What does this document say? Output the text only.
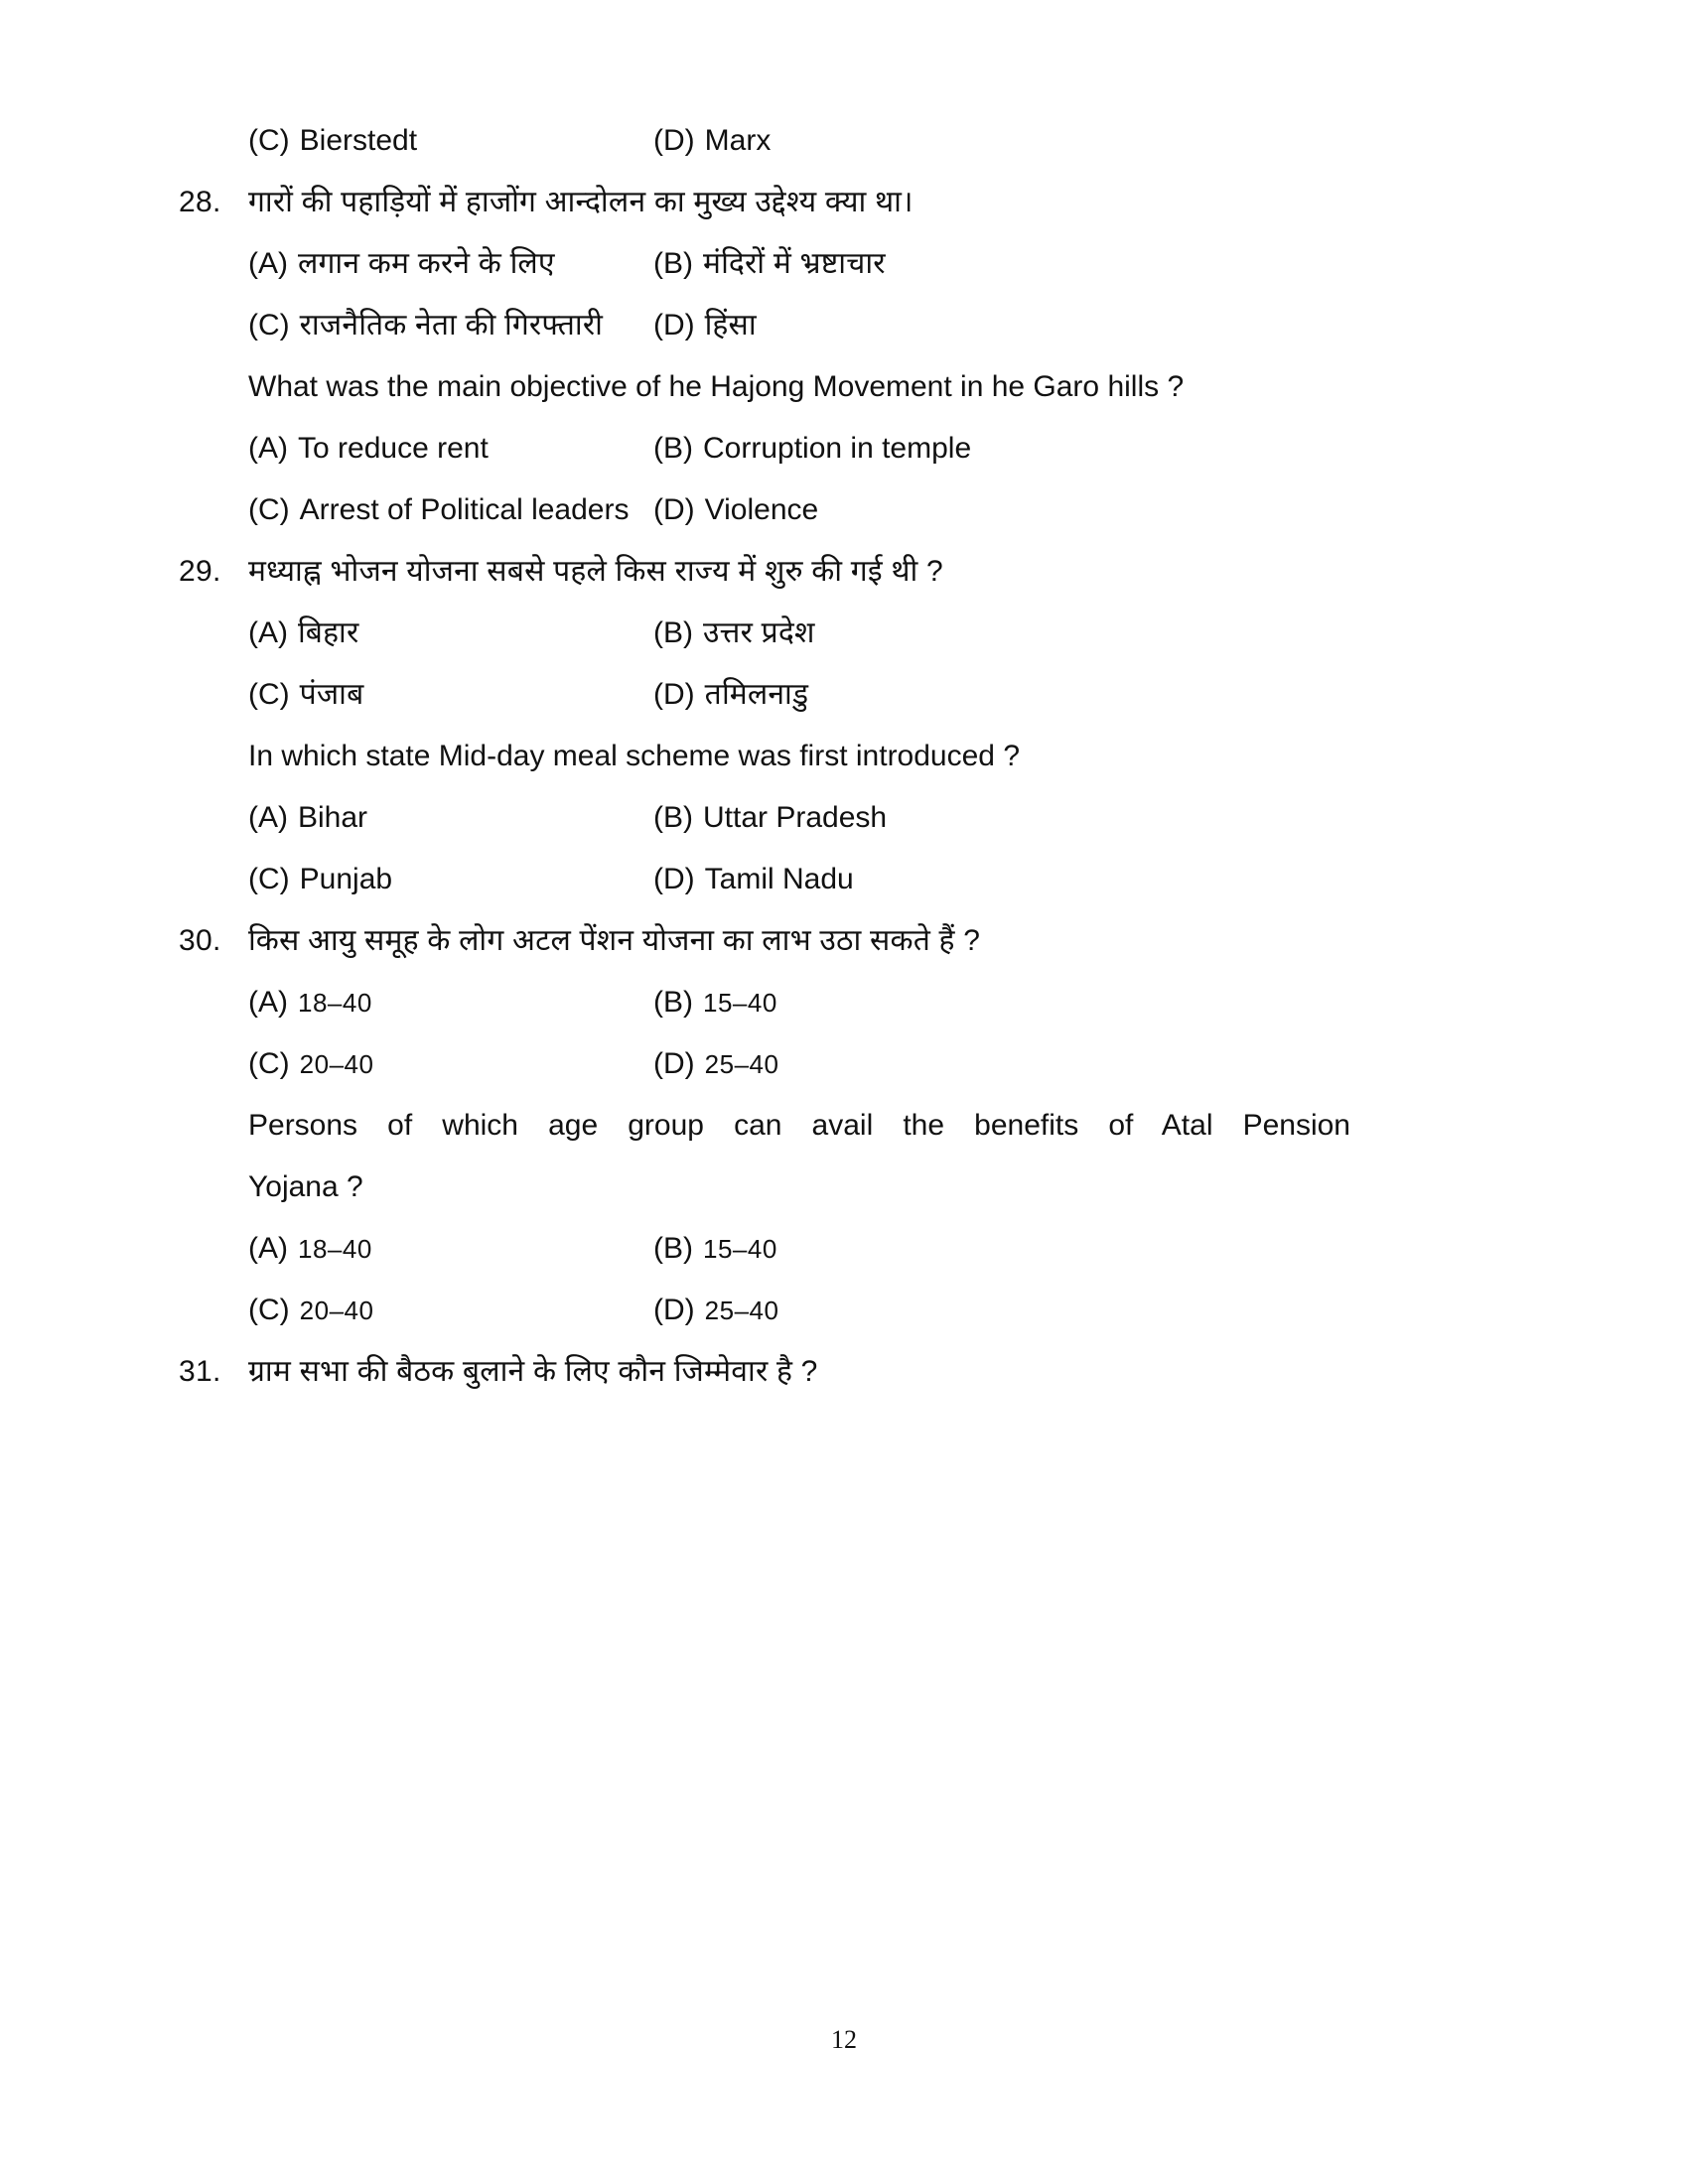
(C) Bierstedt	(D) Marx
28. गारों की पहाड़ियों में हाजोंग आन्दोलन का मुख्य उद्देश्य क्या था।
(A) लगान कम करने के लिए	(B) मंदिरों में भ्रष्टाचार
(C) राजनैतिक नेता की गिरफ्तारी (D) हिंसा
What was the main objective of he Hajong Movement in he Garo hills ?
(A) To reduce rent	(B) Corruption in temple
(C) Arrest of Political leaders (D) Violence
29. मध्याह्न भोजन योजना सबसे पहले किस राज्य में शुरु की गई थी ?
(A) बिहार	(B) उत्तर प्रदेश
(C) पंजाब	(D) तमिलनाडु
In which state Mid-day meal scheme was first introduced ?
(A) Bihar	(B) Uttar Pradesh
(C) Punjab	(D) Tamil Nadu
30. किस आयु समूह के लोग अटल पेंशन योजना का लाभ उठा सकते हैं ?
(A) 18–40	(B) 15–40
(C) 20–40	(D) 25–40
Persons of which age group can avail the benefits of Atal Pension
Yojana ?
(A) 18–40	(B) 15–40
(C) 20–40	(D) 25–40
31. ग्राम सभा की बैठक बुलाने के लिए कौन जिम्मेवार है ?
12
